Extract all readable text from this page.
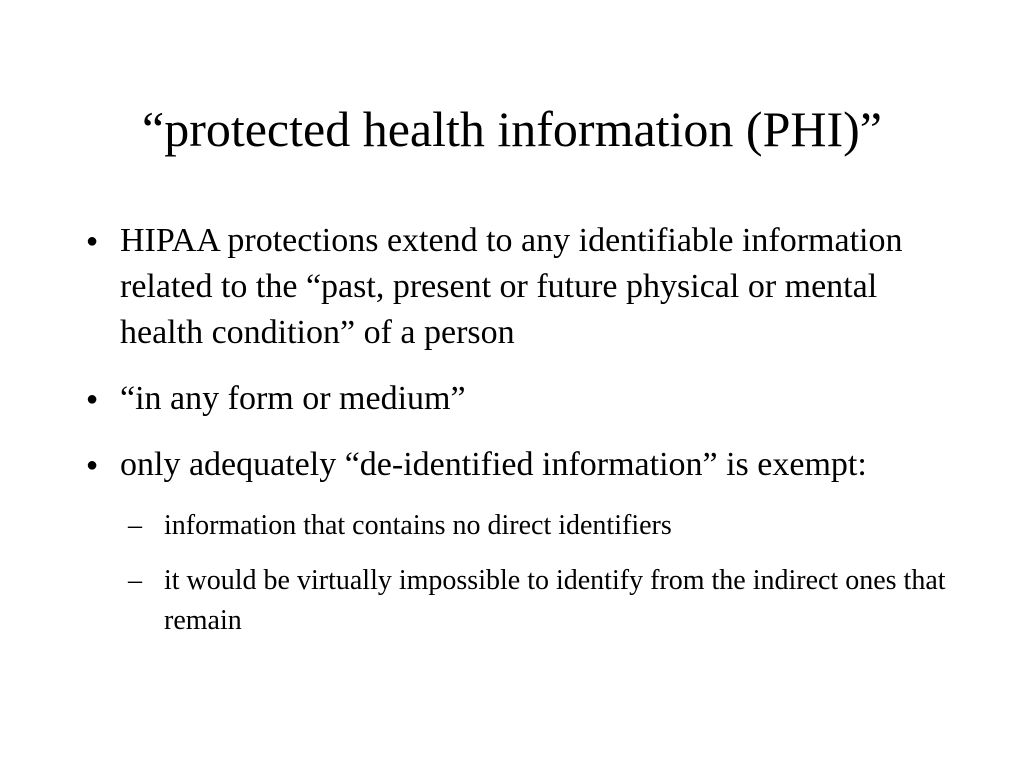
“protected health information (PHI)”
● HIPAA protections extend to any identifiable information related to the “past, present or future physical or mental health condition” of a person
● “in any form or medium”
● only adequately “de-identified information” is exempt:
– information that contains no direct identifiers
– it would be virtually impossible to identify from the indirect ones that remain
